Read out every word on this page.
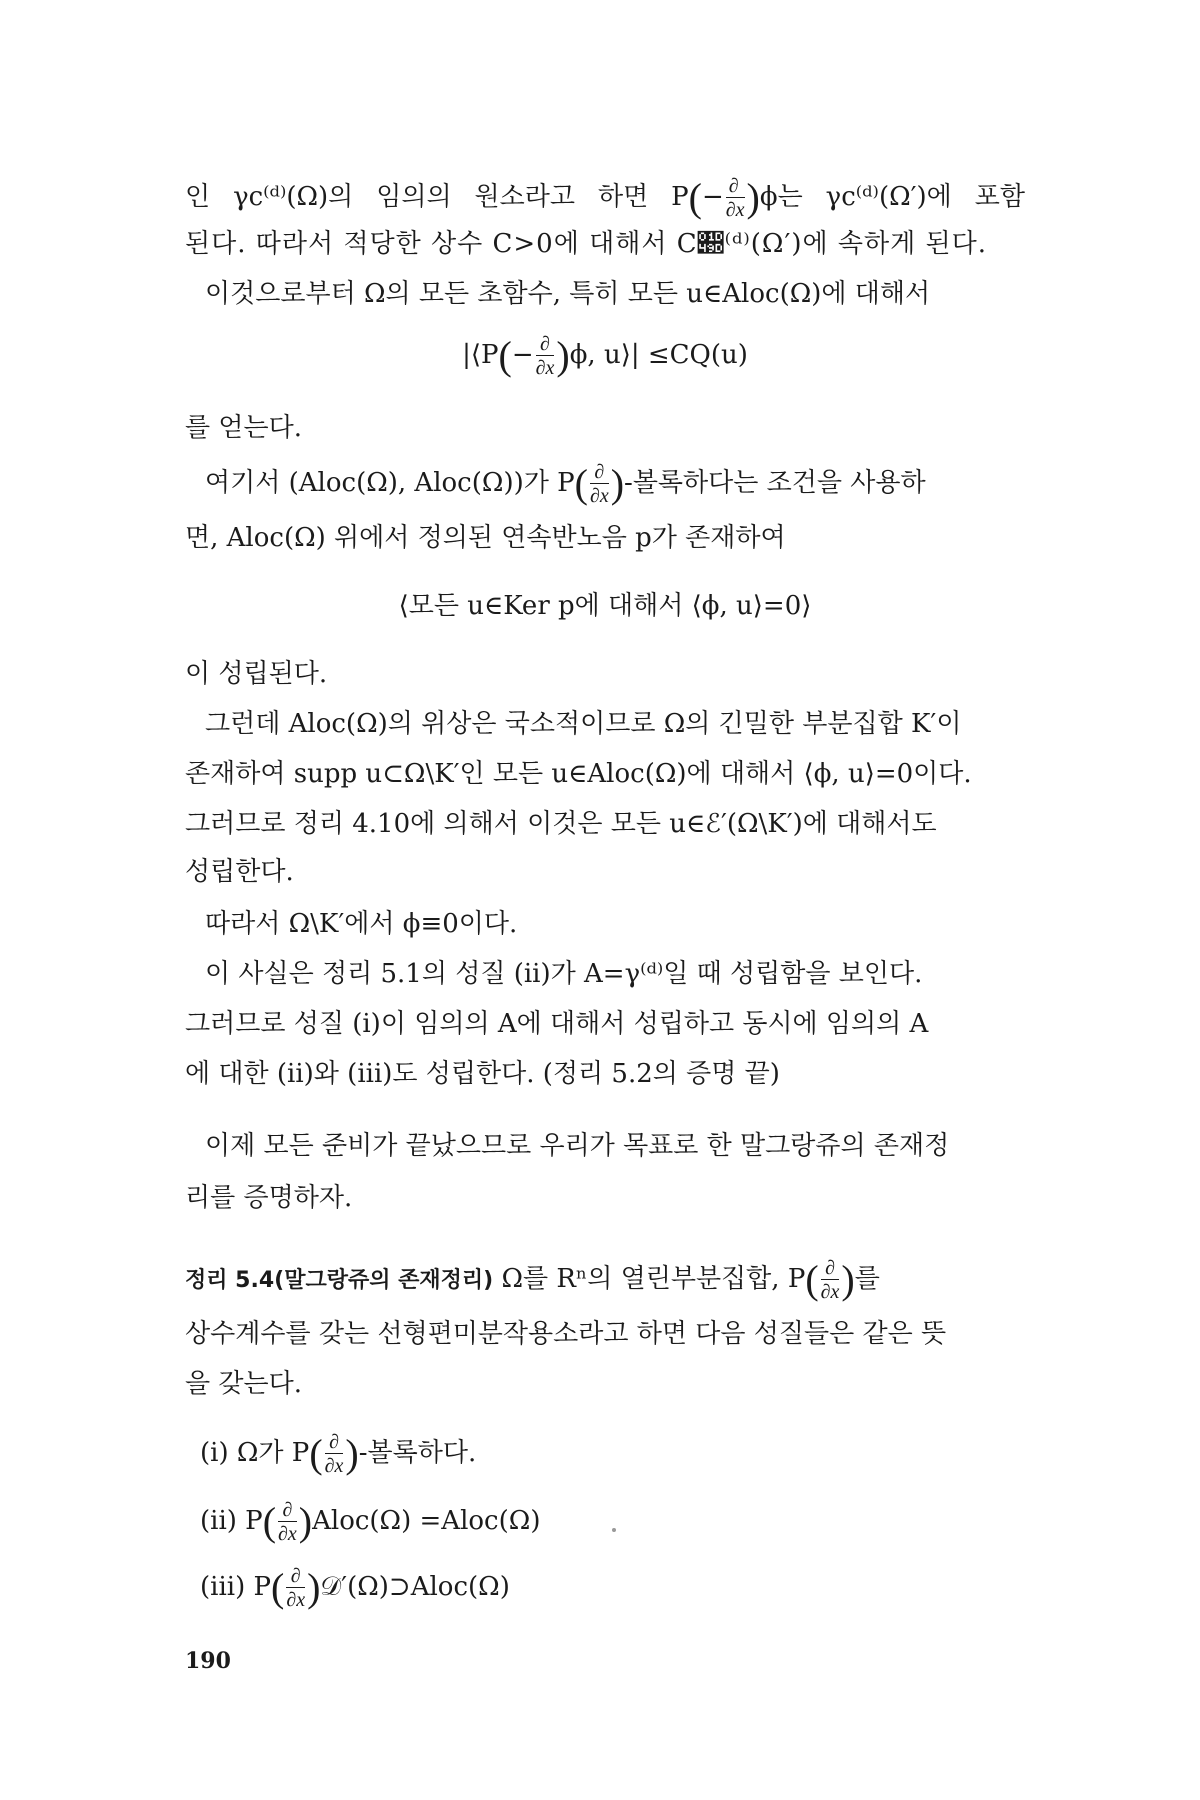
인 γc⁽ᵈ⁾(Ω)의 임의의 원소라고 하면 $P(- \frac{\partial}{\partial x} )\phi$는 γc⁽ᵈ⁾(Ω′)에 포함
된다. 따라서 적당한 상수 C>0에 대해서 C𝒝⁽ᵈ⁾(Ω′)에 속하게 된다.
이것으로부터 Ω의 모든 초함수, 특히 모든 u∈Aloc(Ω)에 대해서
|⟨P(− $\frac{\partial}{\partial x} )\phi$, u⟩| ≤CQ(u)
를 얻는다.
여기서 (Aloc(Ω), Aloc(Ω))가 $P( \frac{\partial}{\partial x}$ )-볼록하다는 조건을 사용하
면, Aloc(Ω) 위에서 정의된 연속반노음 p가 존재하여
⟨모든 u∈Ker p에 대해서 ⟨ϕ, u⟩=0⟩
이 성립된다.
그런데 Aloc(Ω)의 위상은 국소적이므로 Ω의 긴밀한 부분집합 K′이
존재하여 supp u⊂Ω\K′인 모든 u∈Aloc(Ω)에 대해서 ⟨ϕ, u⟩=0이다.
그러므로 정리 4.10에 의해서 이것은 모든 u∈ℰ′(Ω\K′)에 대해서도
성립한다.
따라서 Ω\K′에서 ϕ≡0이다.
이 사실은 정리 5.1의 성질 (ii)가 A=γ⁽ᵈ⁾일 때 성립함을 보인다.
그러므로 성질 (i)이 임의의 A에 대해서 성립하고 동시에 임의의 A
에 대한 (ii)와 (iii)도 성립한다. (정리 5.2의 증명 끝)
이제 모든 준비가 끝났으므로 우리가 목표로 한 말그랑쥬의 존재정
리를 증명하자.
정리 5.4(말그랑쥬의 존재정리) Ω를 Rⁿ의 열린부분집합, $P( \frac{\partial}{\partial x}$ )를
상수계수를 갖는 선형편미분작용소라고 하면 다음 성질들은 같은 뜻
을 갖는다.
(i) Ω가 $P( \frac{\partial}{\partial x}$ )-볼록하다.
(ii) $P( \frac{\partial}{\partial x}$ )Aloc(Ω) =Aloc(Ω)
(iii) $P( \frac{\partial}{\partial x}$ )𝒟′(Ω)⊃Aloc(Ω)
190
